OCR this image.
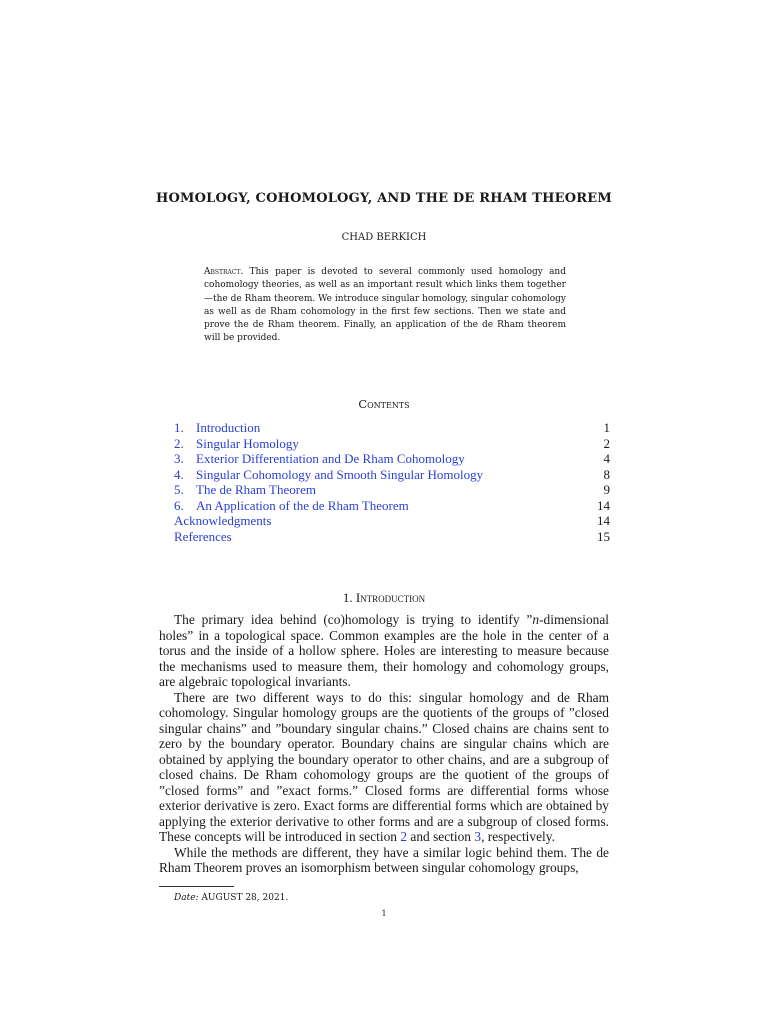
HOMOLOGY, COHOMOLOGY, AND THE DE RHAM THEOREM
CHAD BERKICH
Abstract. This paper is devoted to several commonly used homology and cohomology theories, as well as an important result which links them together—the de Rham theorem. We introduce singular homology, singular cohomology as well as de Rham cohomology in the first few sections. Then we state and prove the de Rham theorem. Finally, an application of the de Rham theorem will be provided.
Contents
1. Introduction	1
2. Singular Homology	2
3. Exterior Differentiation and De Rham Cohomology	4
4. Singular Cohomology and Smooth Singular Homology	8
5. The de Rham Theorem	9
6. An Application of the de Rham Theorem	14
Acknowledgments	14
References	15
1. Introduction

The primary idea behind (co)homology is trying to identify ”n-dimensional holes” in a topological space. Common examples are the hole in the center of a torus and the inside of a hollow sphere. Holes are interesting to measure because the mechanisms used to measure them, their homology and cohomology groups, are algebraic topological invariants.

There are two different ways to do this: singular homology and de Rham cohomology. Singular homology groups are the quotients of the groups of ”closed singular chains” and ”boundary singular chains.” Closed chains are chains sent to zero by the boundary operator. Boundary chains are singular chains which are obtained by applying the boundary operator to other chains, and are a subgroup of closed chains. De Rham cohomology groups are the quotient of the groups of ”closed forms” and ”exact forms.” Closed forms are differential forms whose exterior derivative is zero. Exact forms are differential forms which are obtained by applying the exterior derivative to other forms and are a subgroup of closed forms. These concepts will be introduced in section 2 and section 3, respectively.

While the methods are different, they have a similar logic behind them. The de Rham Theorem proves an isomorphism between singular cohomology groups,

Date: AUGUST 28, 2021.
1
